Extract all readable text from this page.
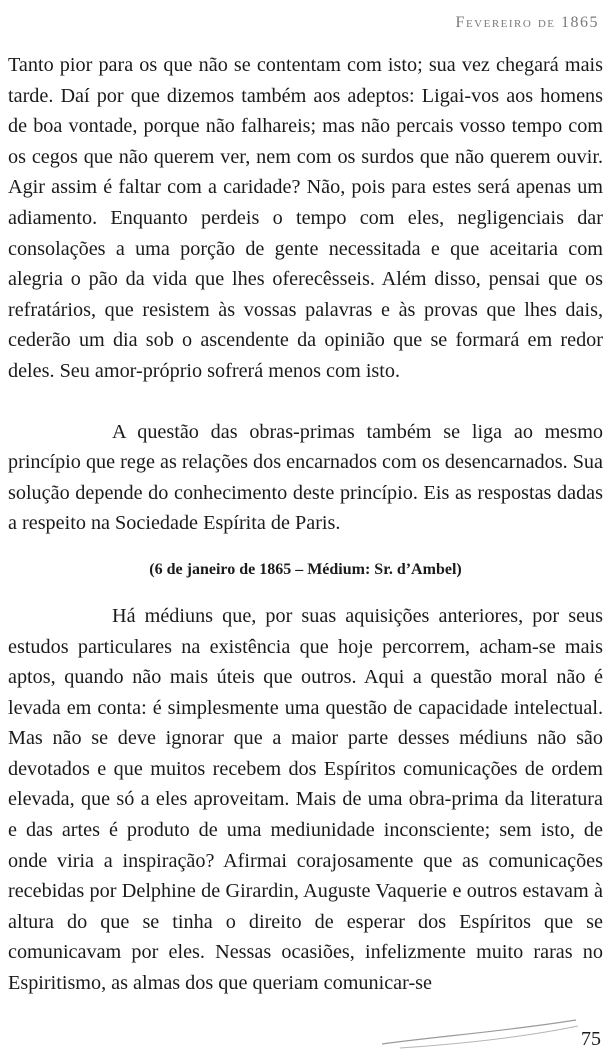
Fevereiro de 1865

Tanto pior para os que não se contentam com isto; sua vez chegará mais tarde. Daí por que dizemos também aos adeptos: Ligai-vos aos homens de boa vontade, porque não falhareis; mas não percais vosso tempo com os cegos que não querem ver, nem com os surdos que não querem ouvir. Agir assim é faltar com a caridade? Não, pois para estes será apenas um adiamento. Enquanto perdeis o tempo com eles, negligenciais dar consolações a uma porção de gente necessitada e que aceitaria com alegria o pão da vida que lhes oferecêsseis. Além disso, pensai que os refratários, que resistem às vossas palavras e às provas que lhes dais, cederão um dia sob o ascendente da opinião que se formará em redor deles. Seu amor-próprio sofrerá menos com isto.

A questão das obras-primas também se liga ao mesmo princípio que rege as relações dos encarnados com os desencarnados. Sua solução depende do conhecimento deste princípio. Eis as respostas dadas a respeito na Sociedade Espírita de Paris.

(6 de janeiro de 1865 – Médium: Sr. d’Ambel)

Há médiuns que, por suas aquisições anteriores, por seus estudos particulares na existência que hoje percorrem, acham-se mais aptos, quando não mais úteis que outros. Aqui a questão moral não é levada em conta: é simplesmente uma questão de capacidade intelectual. Mas não se deve ignorar que a maior parte desses médiuns não são devotados e que muitos recebem dos Espíritos comunicações de ordem elevada, que só a eles aproveitam. Mais de uma obra-prima da literatura e das artes é produto de uma mediunidade inconsciente; sem isto, de onde viria a inspiração? Afirmai corajosamente que as comunicações recebidas por Delphine de Girardin, Auguste Vaquerie e outros estavam à altura do que se tinha o direito de esperar dos Espíritos que se comunicavam por eles. Nessas ocasiões, infelizmente muito raras no Espiritismo, as almas dos que queriam comunicar-se

75
